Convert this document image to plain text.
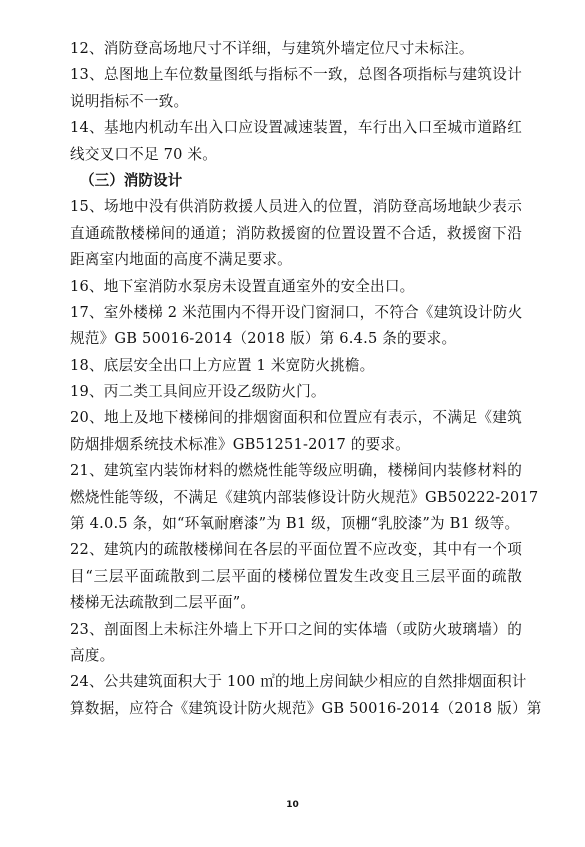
12、消防登高场地尺寸不详细，与建筑外墙定位尺寸未标注。
13、总图地上车位数量图纸与指标不一致，总图各项指标与建筑设计
说明指标不一致。
14、基地内机动车出入口应设置减速装置，车行出入口至城市道路红
线交叉口不足 70 米。
（三）消防设计
15、场地中没有供消防救援人员进入的位置，消防登高场地缺少表示
直通疏散楼梯间的通道；消防救援窗的位置设置不合适，救援窗下沿
距离室内地面的高度不满足要求。
16、地下室消防水泵房未设置直通室外的安全出口。
17、室外楼梯 2 米范围内不得开设门窗洞口，不符合《建筑设计防火
规范》GB 50016-2014（2018 版）第 6.4.5 条的要求。
18、底层安全出口上方应置 1 米宽防火挑檐。
19、丙二类工具间应开设乙级防火门。
20、地上及地下楼梯间的排烟窗面积和位置应有表示，不满足《建筑
防烟排烟系统技术标准》GB51251-2017 的要求。
21、建筑室内装饰材料的燃烧性能等级应明确，楼梯间内装修材料的
燃烧性能等级，不满足《建筑内部装修设计防火规范》GB50222-2017
第 4.0.5 条，如“环氧耐磨漆”为 B1 级，顶棚“乳胶漆”为 B1 级等。
22、建筑内的疏散楼梯间在各层的平面位置不应改变，其中有一个项
目“三层平面疏散到二层平面的楼梯位置发生改变且三层平面的疏散
楼梯无法疏散到二层平面”。
23、剖面图上未标注外墙上下开口之间的实体墙（或防火玻璃墙）的
高度。
24、公共建筑面积大于 100 ㎡的地上房间缺少相应的自然排烟面积计
算数据，应符合《建筑设计防火规范》GB 50016-2014（2018 版）第
10
